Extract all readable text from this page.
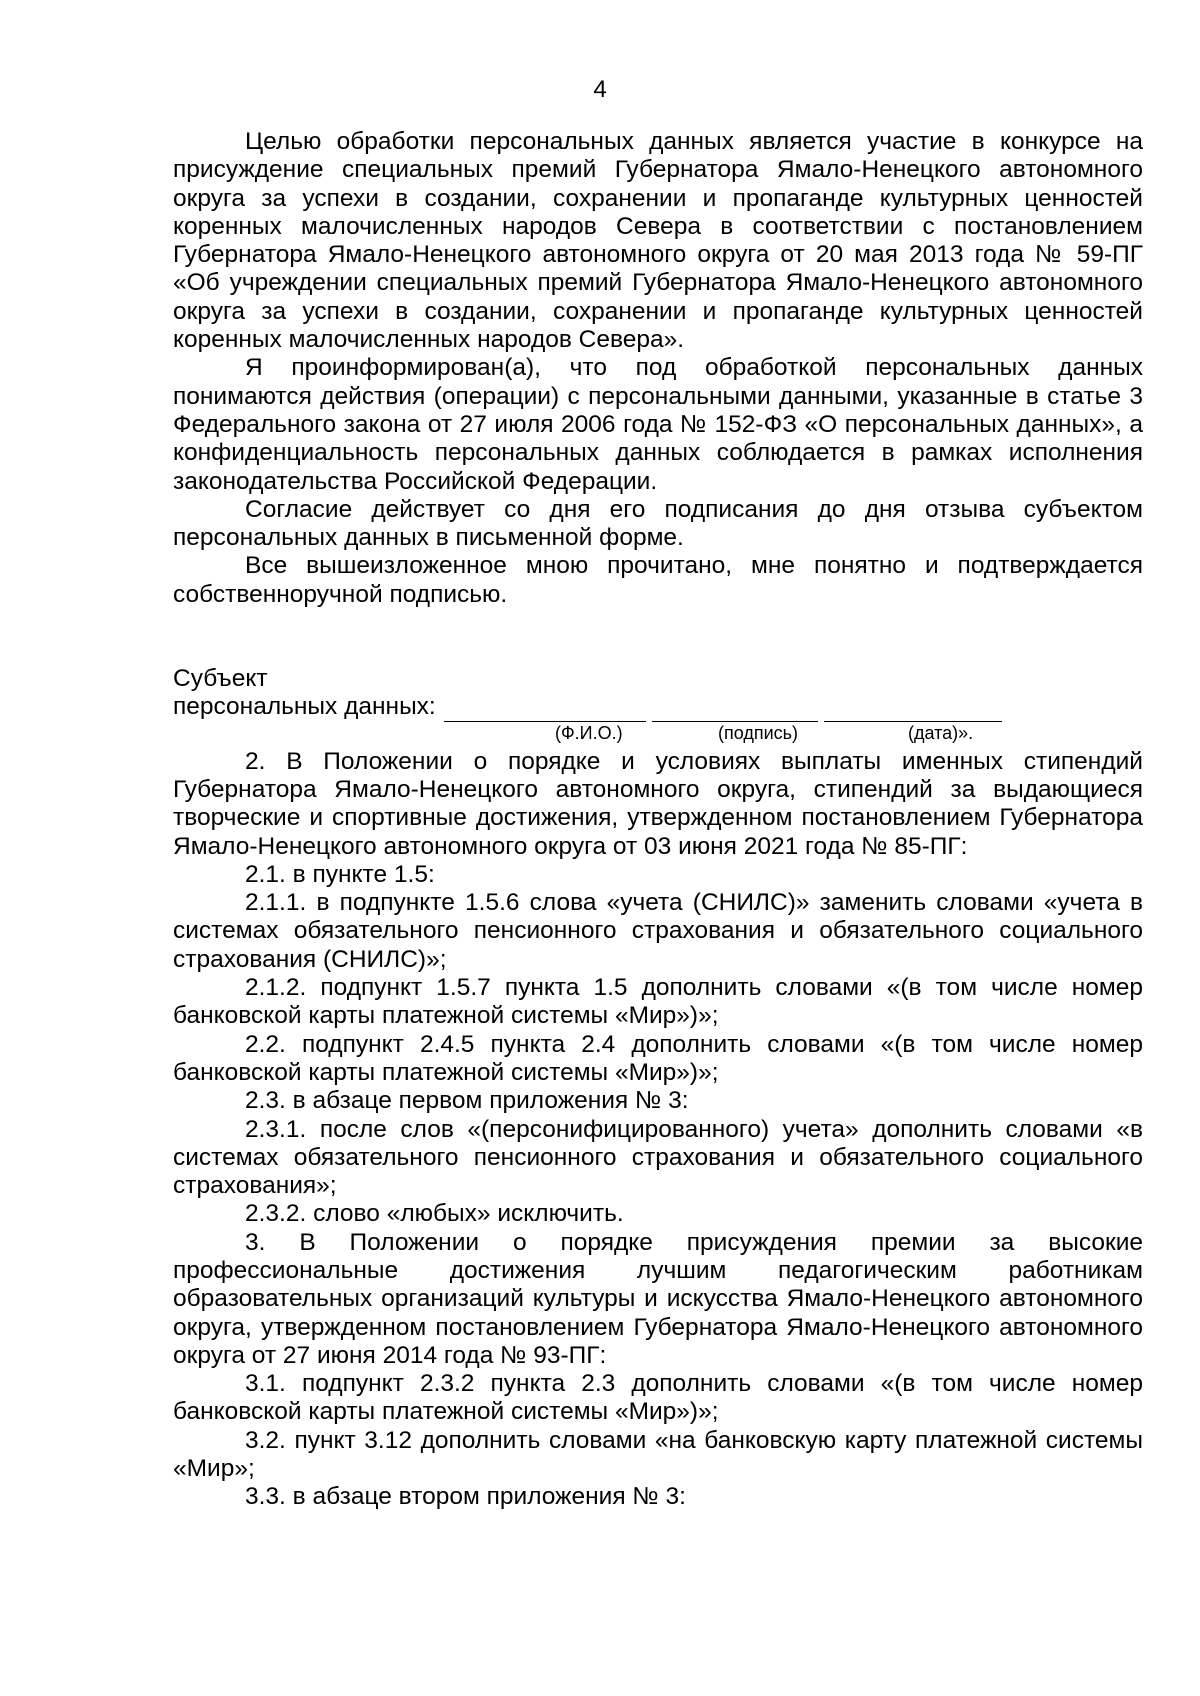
4

Целью обработки персональных данных является участие в конкурсе на присуждение специальных премий Губернатора Ямало-Ненецкого автономного округа за успехи в создании, сохранении и пропаганде культурных ценностей коренных малочисленных народов Севера в соответствии с постановлением Губернатора Ямало-Ненецкого автономного округа от 20 мая 2013 года № 59-ПГ «Об учреждении специальных премий Губернатора Ямало-Ненецкого автономного округа за успехи в создании, сохранении и пропаганде культурных ценностей коренных малочисленных народов Севера».

Я проинформирован(а), что под обработкой персональных данных понимаются действия (операции) с персональными данными, указанные в статье 3 Федерального закона от 27 июля 2006 года № 152-ФЗ «О персональных данных», а конфиденциальность персональных данных соблюдается в рамках исполнения законодательства Российской Федерации.

Согласие действует со дня его подписания до дня отзыва субъектом персональных данных в письменной форме.

Все вышеизложенное мною прочитано, мне понятно и подтверждается собственноручной подписью.

Субъект
персональных данных:
(Ф.И.О.)	(подпись)	(дата)».

2. В Положении о порядке и условиях выплаты именных стипендий Губернатора Ямало-Ненецкого автономного округа, стипендий за выдающиеся творческие и спортивные достижения, утвержденном постановлением Губернатора Ямало-Ненецкого автономного округа от 03 июня 2021 года № 85-ПГ:

2.1. в пункте 1.5:

2.1.1. в подпункте 1.5.6 слова «учета (СНИЛС)» заменить словами «учета в системах обязательного пенсионного страхования и обязательного социального страхования (СНИЛС)»;

2.1.2. подпункт 1.5.7 пункта 1.5 дополнить словами «(в том числе номер банковской карты платежной системы «Мир»)»;

2.2. подпункт 2.4.5 пункта 2.4 дополнить словами «(в том числе номер банковской карты платежной системы «Мир»)»;

2.3. в абзаце первом приложения № 3:

2.3.1. после слов «(персонифицированного) учета» дополнить словами «в системах обязательного пенсионного страхования и обязательного социального страхования»;

2.3.2. слово «любых» исключить.

3. В Положении о порядке присуждения премии за высокие профессиональные достижения лучшим педагогическим работникам образовательных организаций культуры и искусства Ямало-Ненецкого автономного округа, утвержденном постановлением Губернатора Ямало-Ненецкого автономного округа от 27 июня 2014 года № 93-ПГ:

3.1. подпункт 2.3.2 пункта 2.3 дополнить словами «(в том числе номер банковской карты платежной системы «Мир»)»;

3.2. пункт 3.12 дополнить словами «на банковскую карту платежной системы «Мир»;

3.3. в абзаце втором приложения № 3:
